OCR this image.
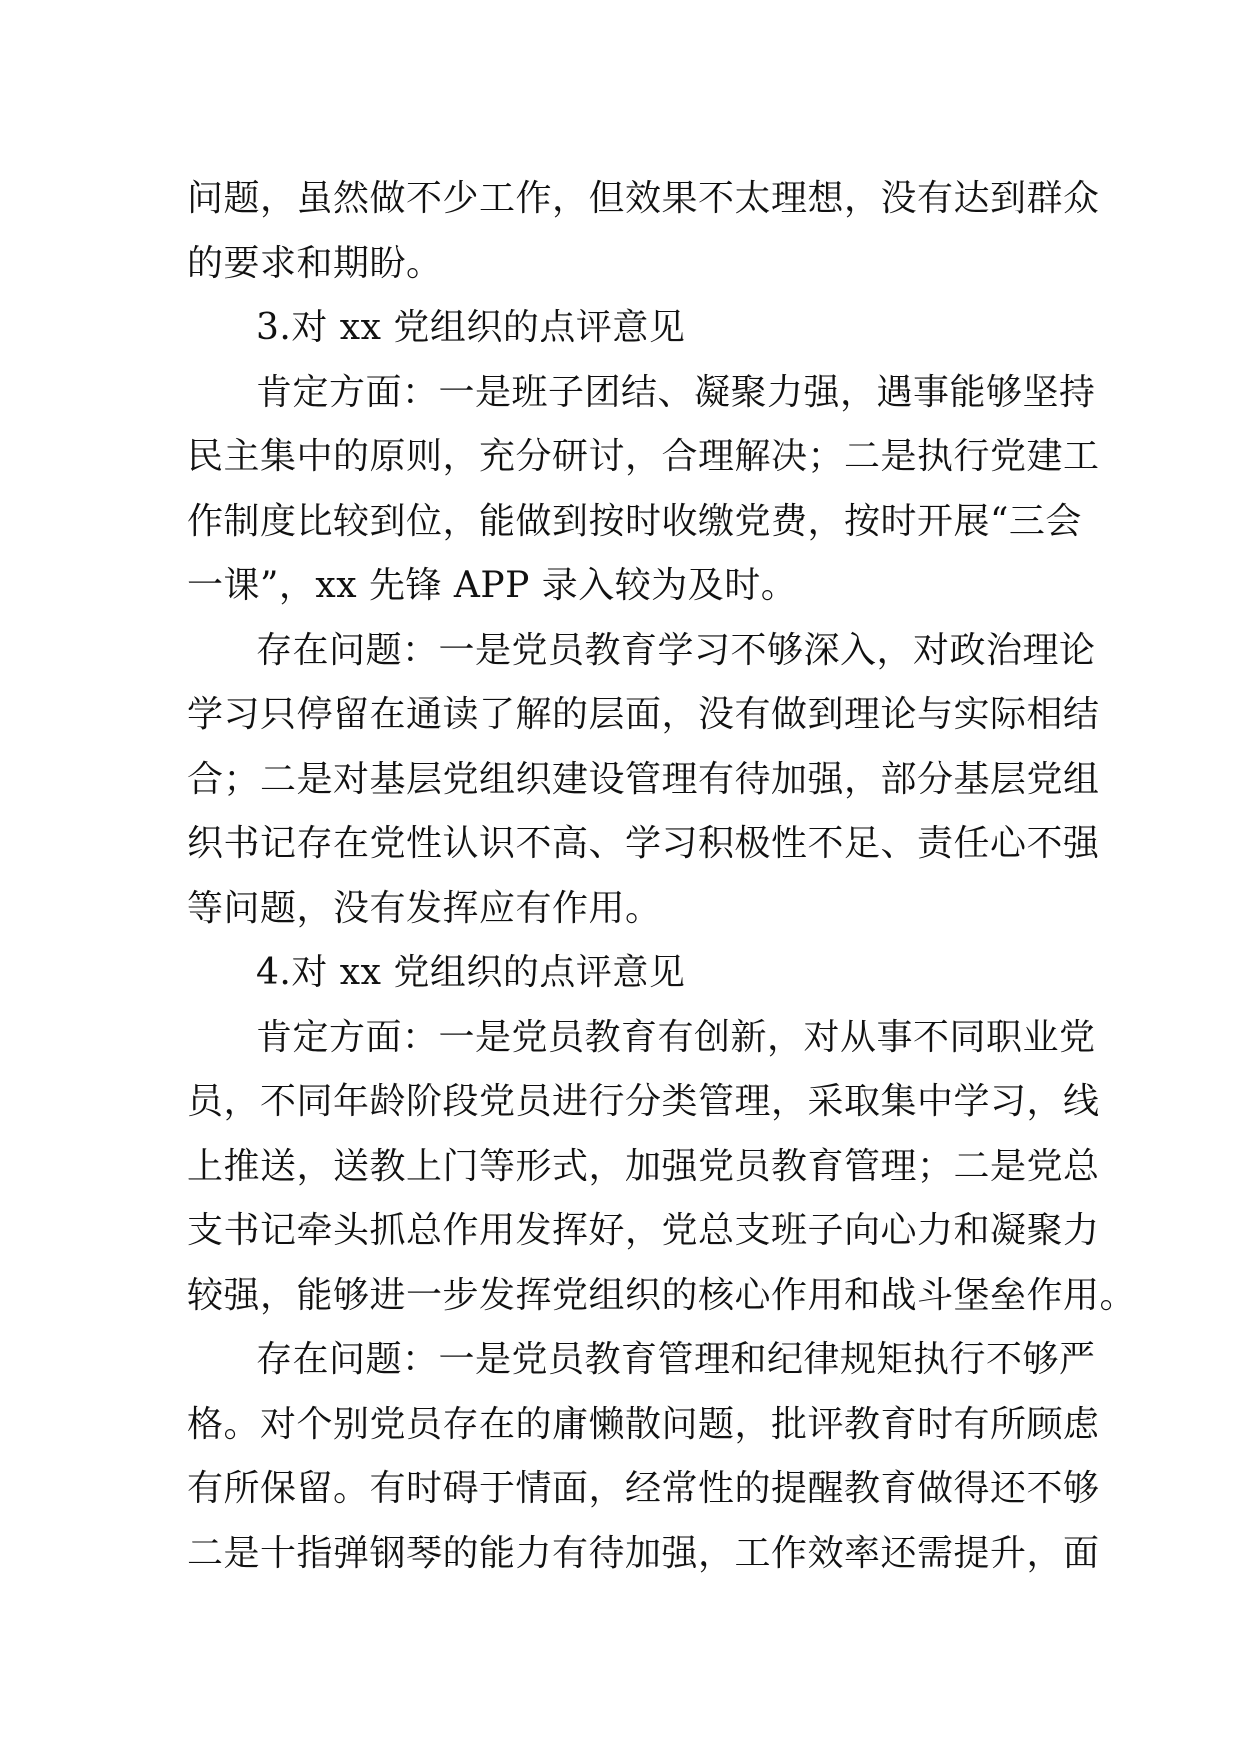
问题，虽然做不少工作，但效果不太理想，没有达到群众
的要求和期盼。
3.对 xx 党组织的点评意见
肯定方面：一是班子团结、凝聚力强，遇事能够坚持
民主集中的原则，充分研讨，合理解决；二是执行党建工
作制度比较到位，能做到按时收缴党费，按时开展“三会
一课”，xx 先锋 APP 录入较为及时。
存在问题：一是党员教育学习不够深入，对政治理论
学习只停留在通读了解的层面，没有做到理论与实际相结
合；二是对基层党组织建设管理有待加强，部分基层党组
织书记存在党性认识不高、学习积极性不足、责任心不强
等问题，没有发挥应有作用。
4.对 xx 党组织的点评意见
肯定方面：一是党员教育有创新，对从事不同职业党
员，不同年龄阶段党员进行分类管理，采取集中学习，线
上推送，送教上门等形式，加强党员教育管理；二是党总
支书记牵头抓总作用发挥好，党总支班子向心力和凝聚力
较强，能够进一步发挥党组织的核心作用和战斗堡垒作用。
存在问题：一是党员教育管理和纪律规矩执行不够严
格。对个别党员存在的庸懒散问题，批评教育时有所顾虑
有所保留。有时碍于情面，经常性的提醒教育做得还不够
二是十指弹钢琴的能力有待加强，工作效率还需提升，面
